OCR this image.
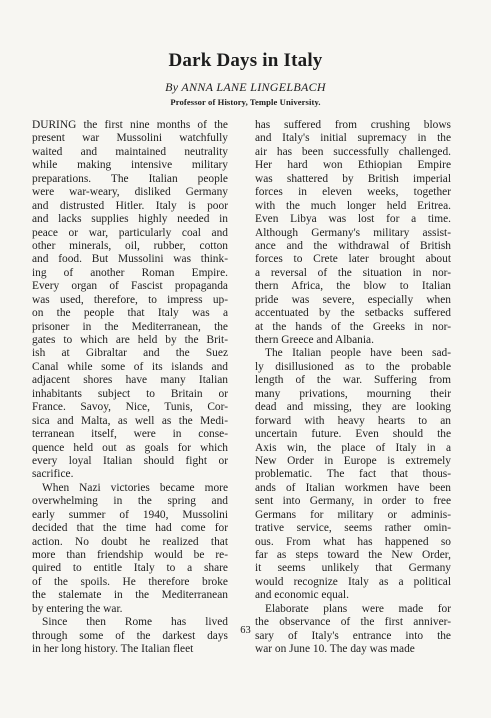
Dark Days in Italy
By ANNA LANE LINGELBACH
Professor of History, Temple University.
DURING the first nine months of the
present war Mussolini watchfully
waited and maintained neutrality
while making intensive military
preparations. The Italian people
were war-weary, disliked Germany
and distrusted Hitler. Italy is poor
and lacks supplies highly needed in
peace or war, particularly coal and
other minerals, oil, rubber, cotton
and food. But Mussolini was think-
ing of another Roman Empire.
Every organ of Fascist propaganda
was used, therefore, to impress up-
on the people that Italy was a
prisoner in the Mediterranean, the
gates to which are held by the Brit-
ish at Gibraltar and the Suez
Canal while some of its islands and
adjacent shores have many Italian
inhabitants subject to Britain or
France. Savoy, Nice, Tunis, Cor-
sica and Malta, as well as the Medi-
terranean itself, were in conse-
quence held out as goals for which
every loyal Italian should fight or
sacrifice.
When Nazi victories became more
overwhelming in the spring and
early summer of 1940, Mussolini
decided that the time had come for
action. No doubt he realized that
more than friendship would be re-
quired to entitle Italy to a share
of the spoils. He therefore broke
the stalemate in the Mediterranean
by entering the war.
Since then Rome has lived
through some of the darkest days
in her long history. The Italian fleet
has suffered from crushing blows
and Italy's initial supremacy in the
air has been successfully challenged.
Her hard won Ethiopian Empire
was shattered by British imperial
forces in eleven weeks, together
with the much longer held Eritrea.
Even Libya was lost for a time.
Although Germany's military assist-
ance and the withdrawal of British
forces to Crete later brought about
a reversal of the situation in nor-
thern Africa, the blow to Italian
pride was severe, especially when
accentuated by the setbacks suffered
at the hands of the Greeks in nor-
thern Greece and Albania.
The Italian people have been sad-
ly disillusioned as to the probable
length of the war. Suffering from
many privations, mourning their
dead and missing, they are looking
forward with heavy hearts to an
uncertain future. Even should the
Axis win, the place of Italy in a
New Order in Europe is extremely
problematic. The fact that thous-
ands of Italian workmen have been
sent into Germany, in order to free
Germans for military or adminis-
trative service, seems rather omin-
ous. From what has happened so
far as steps toward the New Order,
it seems unlikely that Germany
would recognize Italy as a political
and economic equal.
Elaborate plans were made for
the observance of the first anniver-
sary of Italy's entrance into the
war on June 10. The day was made
63
